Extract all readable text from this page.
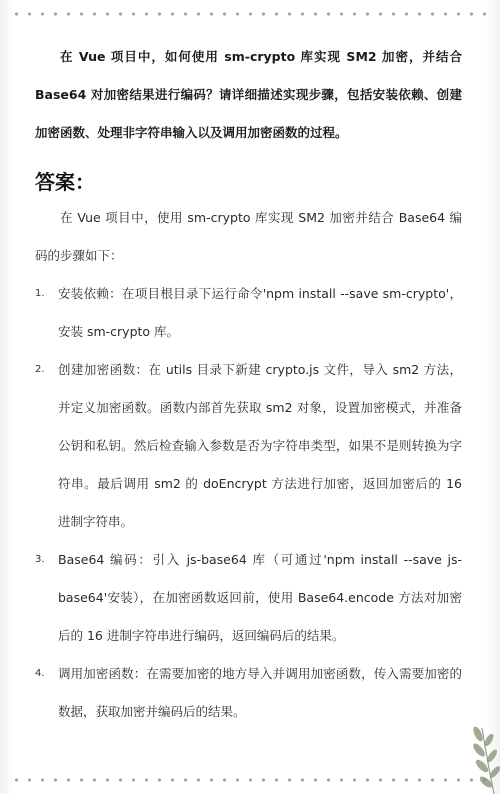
在 Vue 项目中，如何使用 sm-crypto 库实现 SM2 加密，并结合 Base64 对加密结果进行编码？请详细描述实现步骤，包括安装依赖、创建加密函数、处理非字符串输入以及调用加密函数的过程。

答案：

在 Vue 项目中，使用 sm-crypto 库实现 SM2 加密并结合 Base64 编码的步骤如下：

1.	安装依赖：在项目根目录下运行命令'npm install --save sm-crypto'，安装 sm-crypto 库。
2.	创建加密函数：在 utils 目录下新建 crypto.js 文件，导入 sm2 方法，并定义加密函数。函数内部首先获取 sm2 对象，设置加密模式，并准备公钥和私钥。然后检查输入参数是否为字符串类型，如果不是则转换为字符串。最后调用 sm2 的 doEncrypt 方法进行加密，返回加密后的 16 进制字符串。
3.	Base64 编码：引入 js-base64 库（可通过'npm install --save js-base64'安装），在加密函数返回前，使用 Base64.encode 方法对加密后的 16 进制字符串进行编码，返回编码后的结果。
4.	调用加密函数：在需要加密的地方导入并调用加密函数，传入需要加密的数据，获取加密并编码后的结果。
